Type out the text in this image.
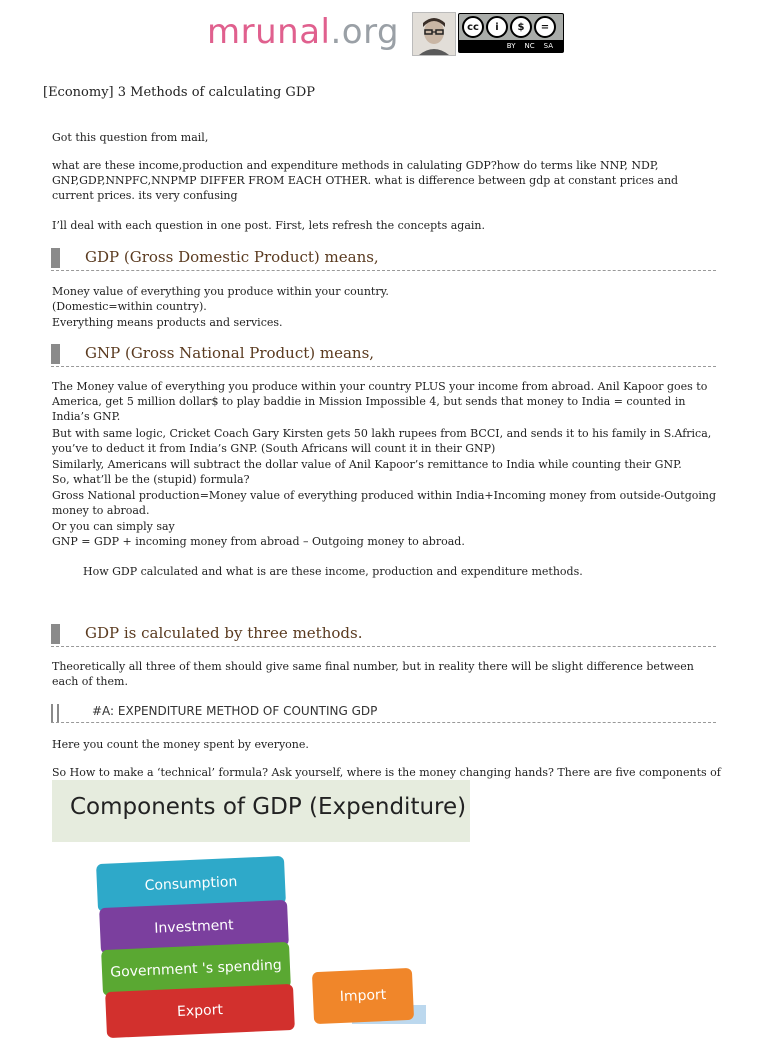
mrunal.org	cc	i	$	=
BY NC SA
[Economy] 3 Methods of calculating GDP
Got this question from mail,
what are these income,production and expenditure methods in calulating GDP?how do terms like NNP, NDP, GNP,GDP,NNPFC,NNPMP DIFFER FROM EACH OTHER. what is difference between gdp at constant prices and current prices. its very confusing
I’ll deal with each question in one post. First, lets refresh the concepts again.
GDP (Gross Domestic Product) means,
Money value of everything you produce within your country.
(Domestic=within country).
Everything means products and services.
GNP (Gross National Product) means,
The Money value of everything you produce within your country PLUS your income from abroad. Anil Kapoor goes to America, get 5 million dollar$ to play baddie in Mission Impossible 4, but sends that money to India = counted in India’s GNP.
But with same logic, Cricket Coach Gary Kirsten gets 50 lakh rupees from BCCI, and sends it to his family in S.Africa, you’ve to deduct it from India’s GNP. (South Africans will count it in their GNP)
Similarly, Americans will subtract the dollar value of Anil Kapoor’s remittance to India while counting their GNP.
So, what’ll be the (stupid) formula?
Gross National production=Money value of everything produced within India+Incoming money from outside-Outgoing money to abroad.
Or you can simply say
GNP = GDP + incoming money from abroad – Outgoing money to abroad.
How GDP calculated and what is are these income, production and expenditure methods.
GDP is calculated by three methods.
Theoretically all three of them should give same final number, but in reality there will be slight difference between each of them.
#A: EXPENDITURE METHOD OF COUNTING GDP
Here you count the money spent by everyone.
So How to make a ‘technical’ formula? Ask yourself, where is the money changing hands? There are five components of
Components of GDP (Expenditure)
Consumption
Investment
Government 's spending
Export
Import
